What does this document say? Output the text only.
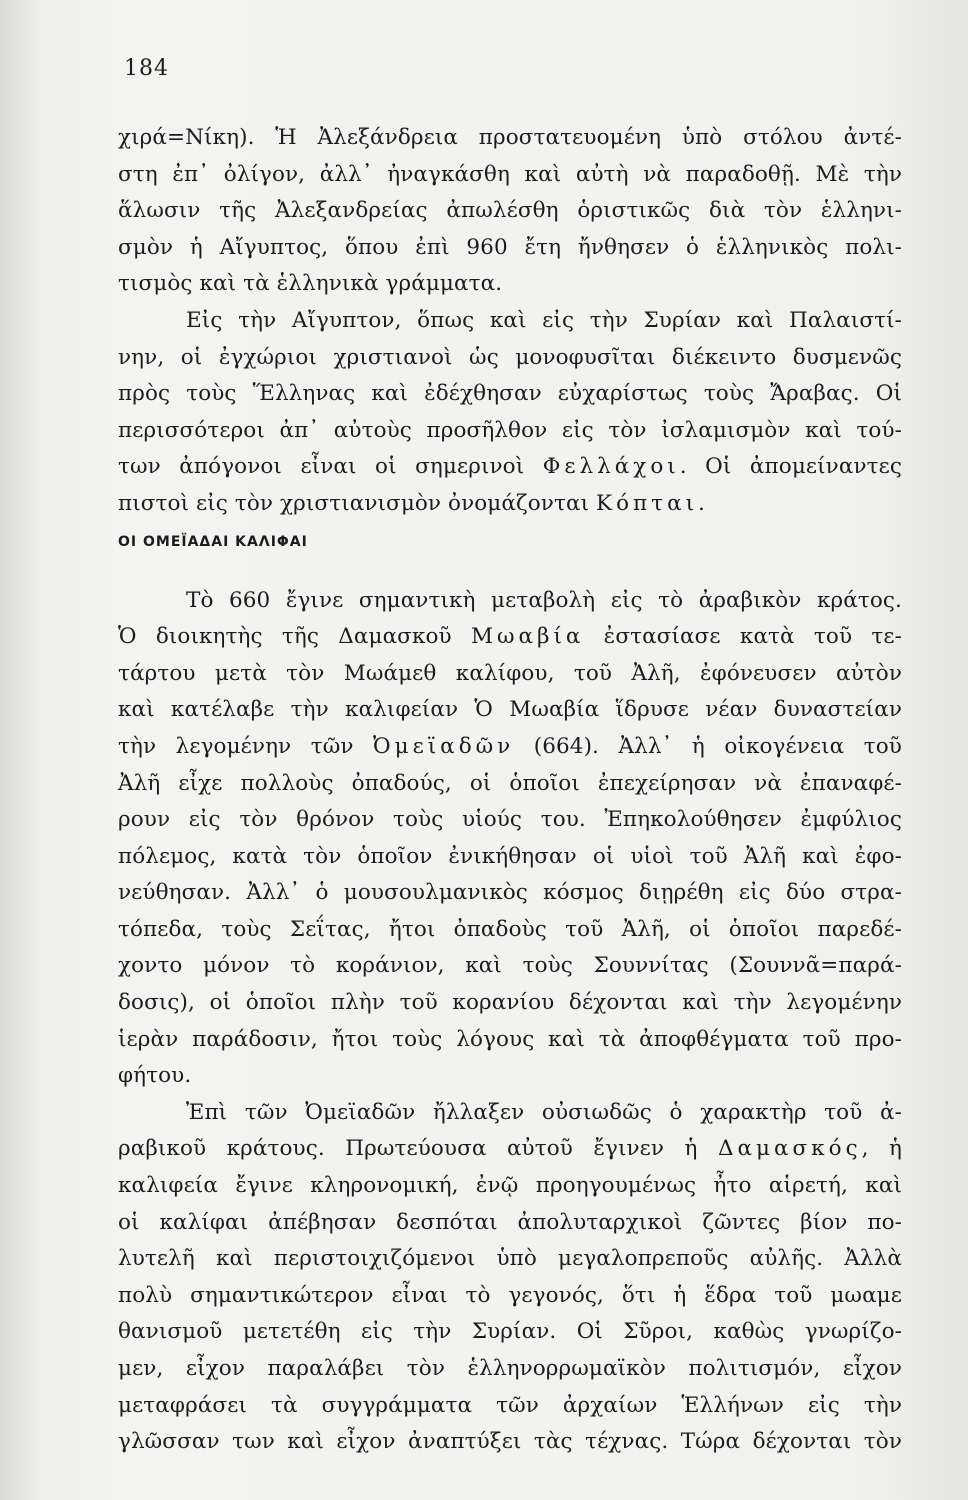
184
χιρά=Νίκη). Ἡ Ἀλεξάνδρεια προστατευομένη ὑπὸ στόλου ἀντέ-
στη ἐπ᾽ ὀλίγον, ἀλλ᾽ ἠναγκάσθη καὶ αὐτὴ νὰ παραδοθῇ. Μὲ τὴν
ἅλωσιν τῆς Ἀλεξανδρείας ἀπωλέσθη ὁριστικῶς διὰ τὸν ἑλληνι-
σμὸν ἡ Αἴγυπτος, ὅπου ἐπὶ 960 ἔτη ἤνθησεν ὁ ἑλληνικὸς πολι-
τισμὸς καὶ τὰ ἑλληνικὰ γράμματα.
Εἰς τὴν Αἴγυπτον, ὅπως καὶ εἰς τὴν Συρίαν καὶ Παλαιστί-
νην, οἱ ἐγχώριοι χριστιανοὶ ὡς μονοφυσῖται διέκειντο δυσμενῶς
πρὸς τοὺς Ἕλληνας καὶ ἐδέχθησαν εὐχαρίστως τοὺς Ἄραβας. Οἱ
περισσότεροι ἀπ᾽ αὐτοὺς προσῆλθον εἰς τὸν ἰσλαμισμὸν καὶ τού-
των ἀπόγονοι εἶναι οἱ σημερινοὶ Φελλάχοι. Οἱ ἀπομείναντες
πιστοὶ εἰς τὸν χριστιανισμὸν ὀνομάζονται Κόπται.
ΟΙ ΟΜΕΪΑΔΑΙ ΚΑΛΙΦΑΙ
Τὸ 660 ἔγινε σημαντικὴ μεταβολὴ εἰς τὸ ἀραβικὸν κράτος.
Ὁ διοικητὴς τῆς Δαμασκοῦ Μωαβία ἐστασίασε κατὰ τοῦ τε-
τάρτου μετὰ τὸν Μωάμεθ καλίφου, τοῦ Ἀλῆ, ἐφόνευσεν αὐτὸν
καὶ κατέλαβε τὴν καλιφείαν Ὁ Μωαβία ἵδρυσε νέαν δυναστείαν
τὴν λεγομένην τῶν Ὀμεϊαδῶν (664). Ἀλλ᾽ ἡ οἰκογένεια τοῦ
Ἀλῆ εἶχε πολλοὺς ὀπαδούς, οἱ ὁποῖοι ἐπεχείρησαν νὰ ἐπαναφέ-
ρουν εἰς τὸν θρόνον τοὺς υἱούς του. Ἐπηκολούθησεν ἐμφύλιος
πόλεμος, κατὰ τὸν ὁποῖον ἐνικήθησαν οἱ υἱοὶ τοῦ Ἀλῆ καὶ ἐφο-
νεύθησαν. Ἀλλ᾽ ὁ μουσουλμανικὸς κόσμος διῃρέθη εἰς δύο στρα-
τόπεδα, τοὺς Σεΐτας, ἤτοι ὀπαδοὺς τοῦ Ἀλῆ, οἱ ὁποῖοι παρεδέ-
χοντο μόνον τὸ κοράνιον, καὶ τοὺς Σουννίτας (Σουννᾶ=παρά-
δοσις), οἱ ὁποῖοι πλὴν τοῦ κορανίου δέχονται καὶ τὴν λεγομένην
ἱερὰν παράδοσιν, ἤτοι τοὺς λόγους καὶ τὰ ἀποφθέγματα τοῦ προ-
φήτου.
Ἐπὶ τῶν Ὀμεϊαδῶν ἤλλαξεν οὐσιωδῶς ὁ χαρακτὴρ τοῦ ἀ-
ραβικοῦ κράτους. Πρωτεύουσα αὐτοῦ ἔγινεν ἡ Δαμασκός, ἡ
καλιφεία ἔγινε κληρονομική, ἐνῷ προηγουμένως ἦτο αἱρετή, καὶ
οἱ καλίφαι ἀπέβησαν δεσπόται ἀπολυταρχικοὶ ζῶντες βίον πο-
λυτελῆ καὶ περιστοιχιζόμενοι ὑπὸ μεγαλοπρεποῦς αὐλῆς. Ἀλλὰ
πολὺ σημαντικώτερον εἶναι τὸ γεγονός, ὅτι ἡ ἕδρα τοῦ μωαμε
θανισμοῦ μετετέθη εἰς τὴν Συρίαν. Οἱ Σῦροι, καθὼς γνωρίζο-
μεν, εἶχον παραλάβει τὸν ἑλληνορρωμαϊκὸν πολιτισμόν, εἶχον
μεταφράσει τὰ συγγράμματα τῶν ἀρχαίων Ἑλλήνων εἰς τὴν
γλῶσσαν των καὶ εἶχον ἀναπτύξει τὰς τέχνας. Τώρα δέχονται τὸν
